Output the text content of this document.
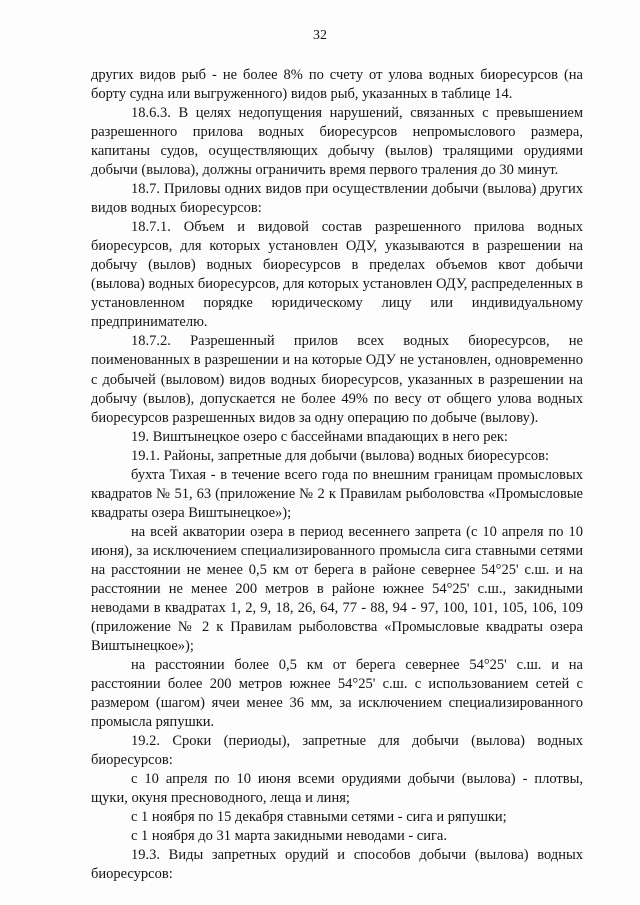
32

других видов рыб - не более 8% по счету от улова водных биоресурсов (на борту судна или выгруженного) видов рыб, указанных в таблице 14.

18.6.3. В целях недопущения нарушений, связанных с превышением разрешенного прилова водных биоресурсов непромыслового размера, капитаны судов, осуществляющих добычу (вылов) тралящими орудиями добычи (вылова), должны ограничить время первого траления до 30 минут.

18.7. Приловы одних видов при осуществлении добычи (вылова) других видов водных биоресурсов:

18.7.1. Объем и видовой состав разрешенного прилова водных биоресурсов, для которых установлен ОДУ, указываются в разрешении на добычу (вылов) водных биоресурсов в пределах объемов квот добычи (вылова) водных биоресурсов, для которых установлен ОДУ, распределенных в установленном порядке юридическому лицу или индивидуальному предпринимателю.

18.7.2. Разрешенный прилов всех водных биоресурсов, не поименованных в разрешении и на которые ОДУ не установлен, одновременно с добычей (выловом) видов водных биоресурсов, указанных в разрешении на добычу (вылов), допускается не более 49% по весу от общего улова водных биоресурсов разрешенных видов за одну операцию по добыче (вылову).

19. Виштынецкое озеро с бассейнами впадающих в него рек:

19.1. Районы, запретные для добычи (вылова) водных биоресурсов:

бухта Тихая - в течение всего года по внешним границам промысловых квадратов № 51, 63 (приложение № 2 к Правилам рыболовства «Промысловые квадраты озера Виштынецкое»);

на всей акватории озера в период весеннего запрета (с 10 апреля по 10 июня), за исключением специализированного промысла сига ставными сетями на расстоянии не менее 0,5 км от берега в районе севернее 54°25' с.ш. и на расстоянии не менее 200 метров в районе южнее 54°25' с.ш., закидными неводами в квадратах 1, 2, 9, 18, 26, 64, 77 - 88, 94 - 97, 100, 101, 105, 106, 109 (приложение № 2 к Правилам рыболовства «Промысловые квадраты озера Виштынецкое»);

на расстоянии более 0,5 км от берега севернее 54°25' с.ш. и на расстоянии более 200 метров южнее 54°25' с.ш. с использованием сетей с размером (шагом) ячеи менее 36 мм, за исключением специализированного промысла ряпушки.

19.2. Сроки (периоды), запретные для добычи (вылова) водных биоресурсов:

с 10 апреля по 10 июня всеми орудиями добычи (вылова) - плотвы, щуки, окуня пресноводного, леща и линя;

с 1 ноября по 15 декабря ставными сетями - сига и ряпушки;

с 1 ноября до 31 марта закидными неводами - сига.

19.3. Виды запретных орудий и способов добычи (вылова) водных биоресурсов:
